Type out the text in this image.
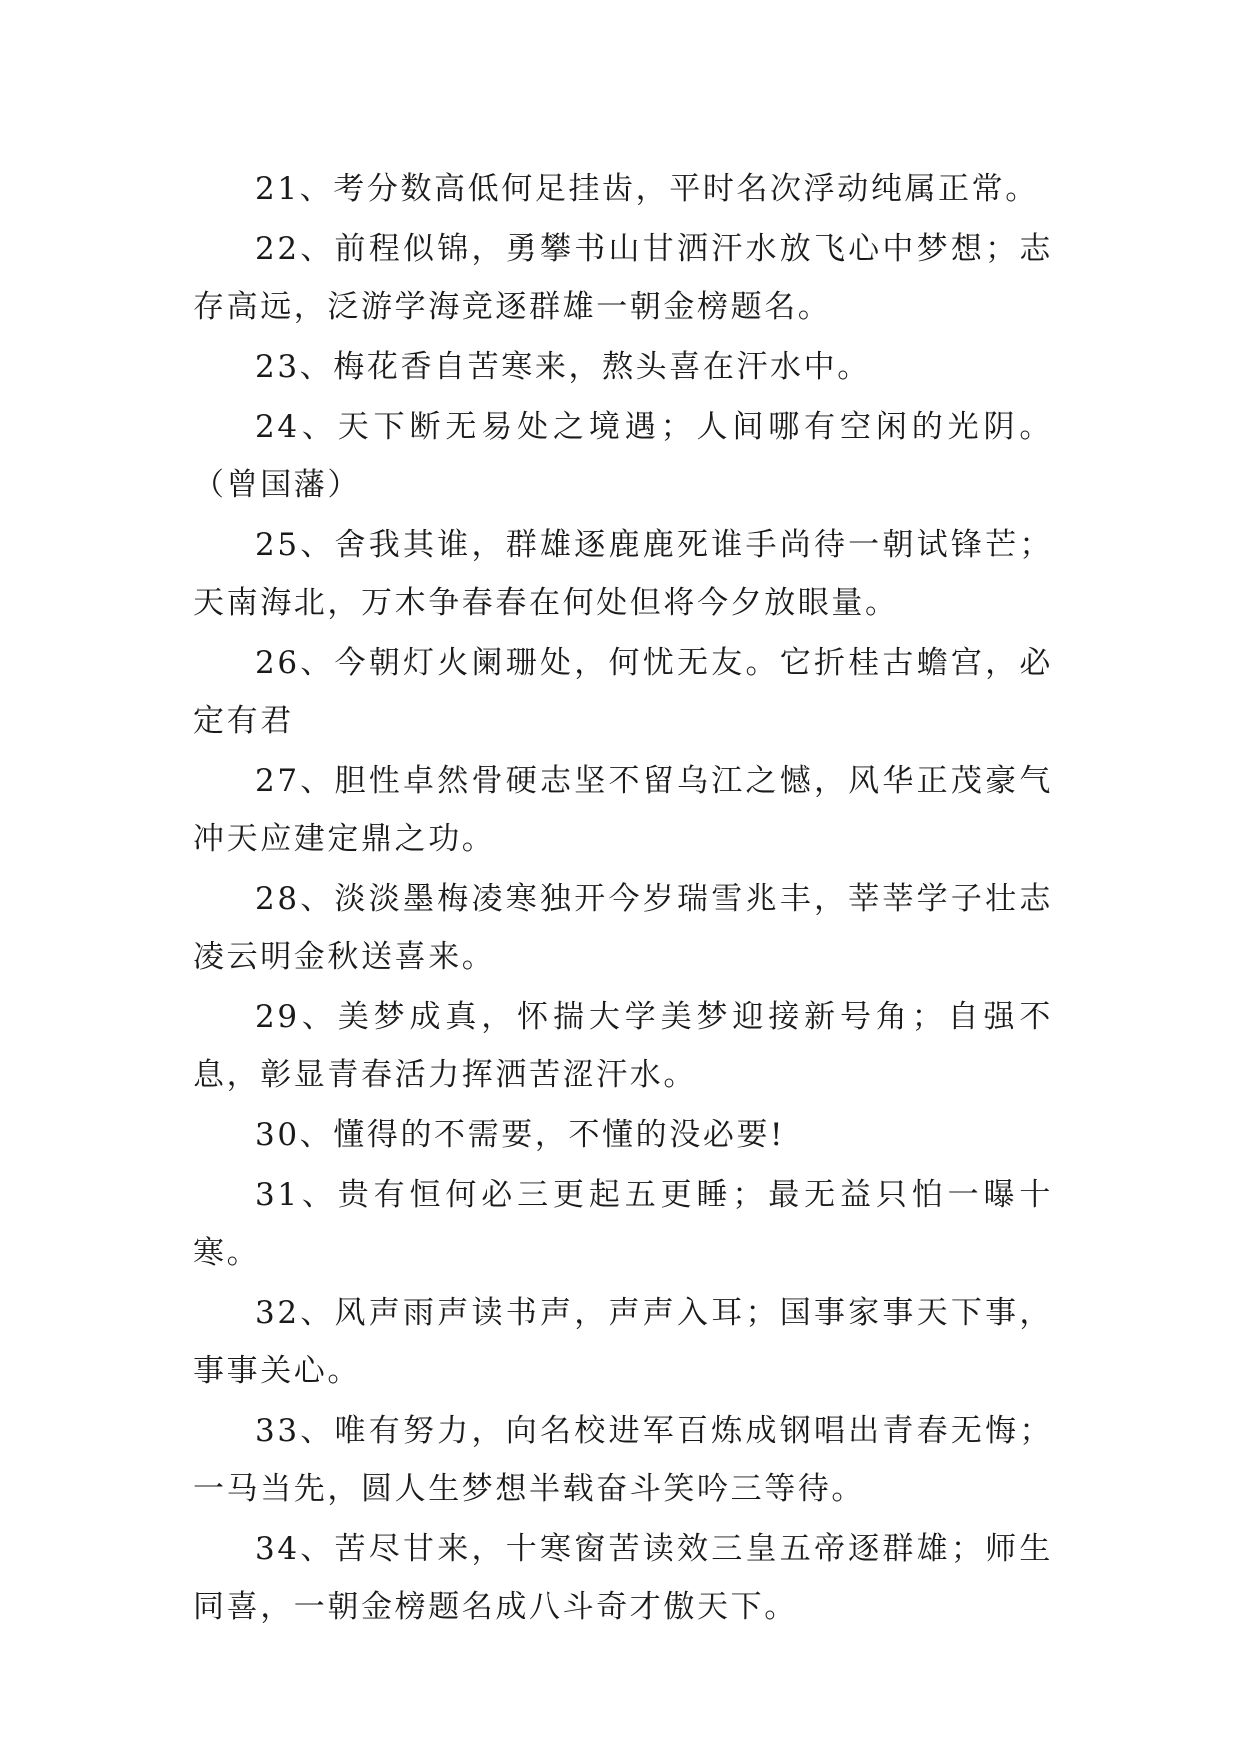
21、考分数高低何足挂齿，平时名次浮动纯属正常。

22、前程似锦，勇攀书山甘洒汗水放飞心中梦想；志存高远，泛游学海竞逐群雄一朝金榜题名。

23、梅花香自苦寒来，熬头喜在汗水中。

24、天下断无易处之境遇；人间哪有空闲的光阴。（曾国藩）

25、舍我其谁，群雄逐鹿鹿死谁手尚待一朝试锋芒；天南海北，万木争春春在何处但将今夕放眼量。

26、今朝灯火阑珊处，何忧无友。它折桂古蟾宫，必定有君

27、胆性卓然骨硬志坚不留乌江之憾，风华正茂豪气冲天应建定鼎之功。

28、淡淡墨梅凌寒独开今岁瑞雪兆丰，莘莘学子壮志凌云明金秋送喜来。

29、美梦成真，怀揣大学美梦迎接新号角；自强不息，彰显青春活力挥洒苦涩汗水。

30、懂得的不需要，不懂的没必要!

31、贵有恒何必三更起五更睡；最无益只怕一曝十寒。

32、风声雨声读书声，声声入耳；国事家事天下事，事事关心。

33、唯有努力，向名校进军百炼成钢唱出青春无悔；一马当先，圆人生梦想半载奋斗笑吟三等待。

34、苦尽甘来，十寒窗苦读效三皇五帝逐群雄；师生同喜，一朝金榜题名成八斗奇才傲天下。
